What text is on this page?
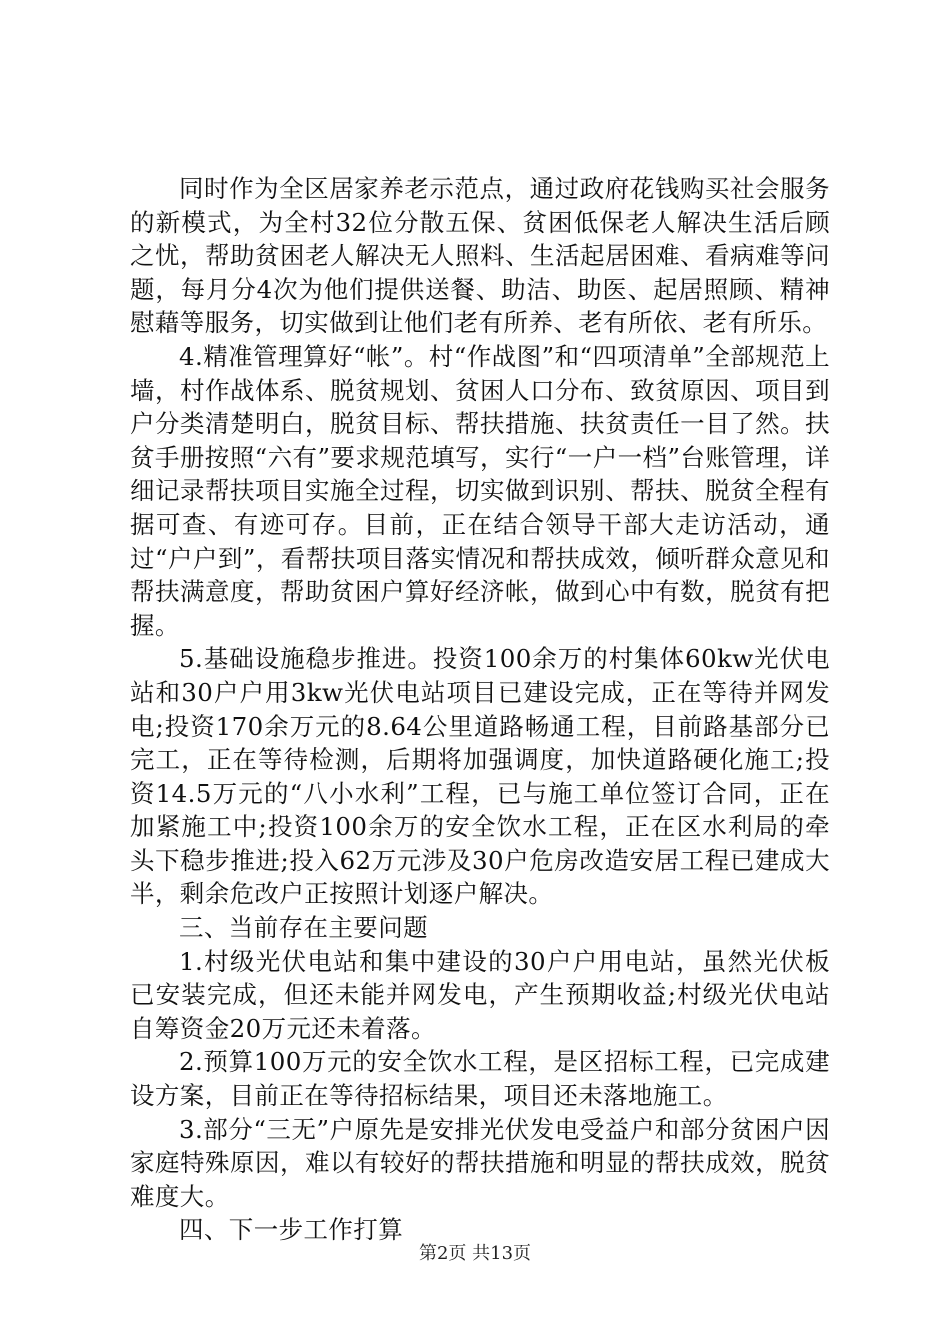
同时作为全区居家养老示范点，通过政府花钱购买社会服务的新模式，为全村32位分散五保、贫困低保老人解决生活后顾之忧，帮助贫困老人解决无人照料、生活起居困难、看病难等问题，每月分4次为他们提供送餐、助洁、助医、起居照顾、精神慰藉等服务，切实做到让他们老有所养、老有所依、老有所乐。

4.精准管理算好“帐”。村“作战图”和“四项清单”全部规范上墙，村作战体系、脱贫规划、贫困人口分布、致贫原因、项目到户分类清楚明白，脱贫目标、帮扶措施、扶贫责任一目了然。扶贫手册按照“六有”要求规范填写，实行“一户一档”台账管理，详细记录帮扶项目实施全过程，切实做到识别、帮扶、脱贫全程有据可查、有迹可存。目前，正在结合领导干部大走访活动，通过“户户到”，看帮扶项目落实情况和帮扶成效，倾听群众意见和帮扶满意度，帮助贫困户算好经济帐，做到心中有数，脱贫有把握。

5.基础设施稳步推进。投资100余万的村集体60kw光伏电站和30户户用3kw光伏电站项目已建设完成，正在等待并网发电;投资170余万元的8.64公里道路畅通工程，目前路基部分已完工，正在等待检测，后期将加强调度，加快道路硬化施工;投资14.5万元的“八小水利”工程，已与施工单位签订合同，正在加紧施工中;投资100余万的安全饮水工程，正在区水利局的牵头下稳步推进;投入62万元涉及30户危房改造安居工程已建成大半，剩余危改户正按照计划逐户解决。

三、当前存在主要问题

1.村级光伏电站和集中建设的30户户用电站，虽然光伏板已安装完成，但还未能并网发电，产生预期收益;村级光伏电站自筹资金20万元还未着落。

2.预算100万元的安全饮水工程，是区招标工程，已完成建设方案，目前正在等待招标结果，项目还未落地施工。

3.部分“三无”户原先是安排光伏发电受益户和部分贫困户因家庭特殊原因，难以有较好的帮扶措施和明显的帮扶成效，脱贫难度大。

四、下一步工作打算

第2页 共13页
